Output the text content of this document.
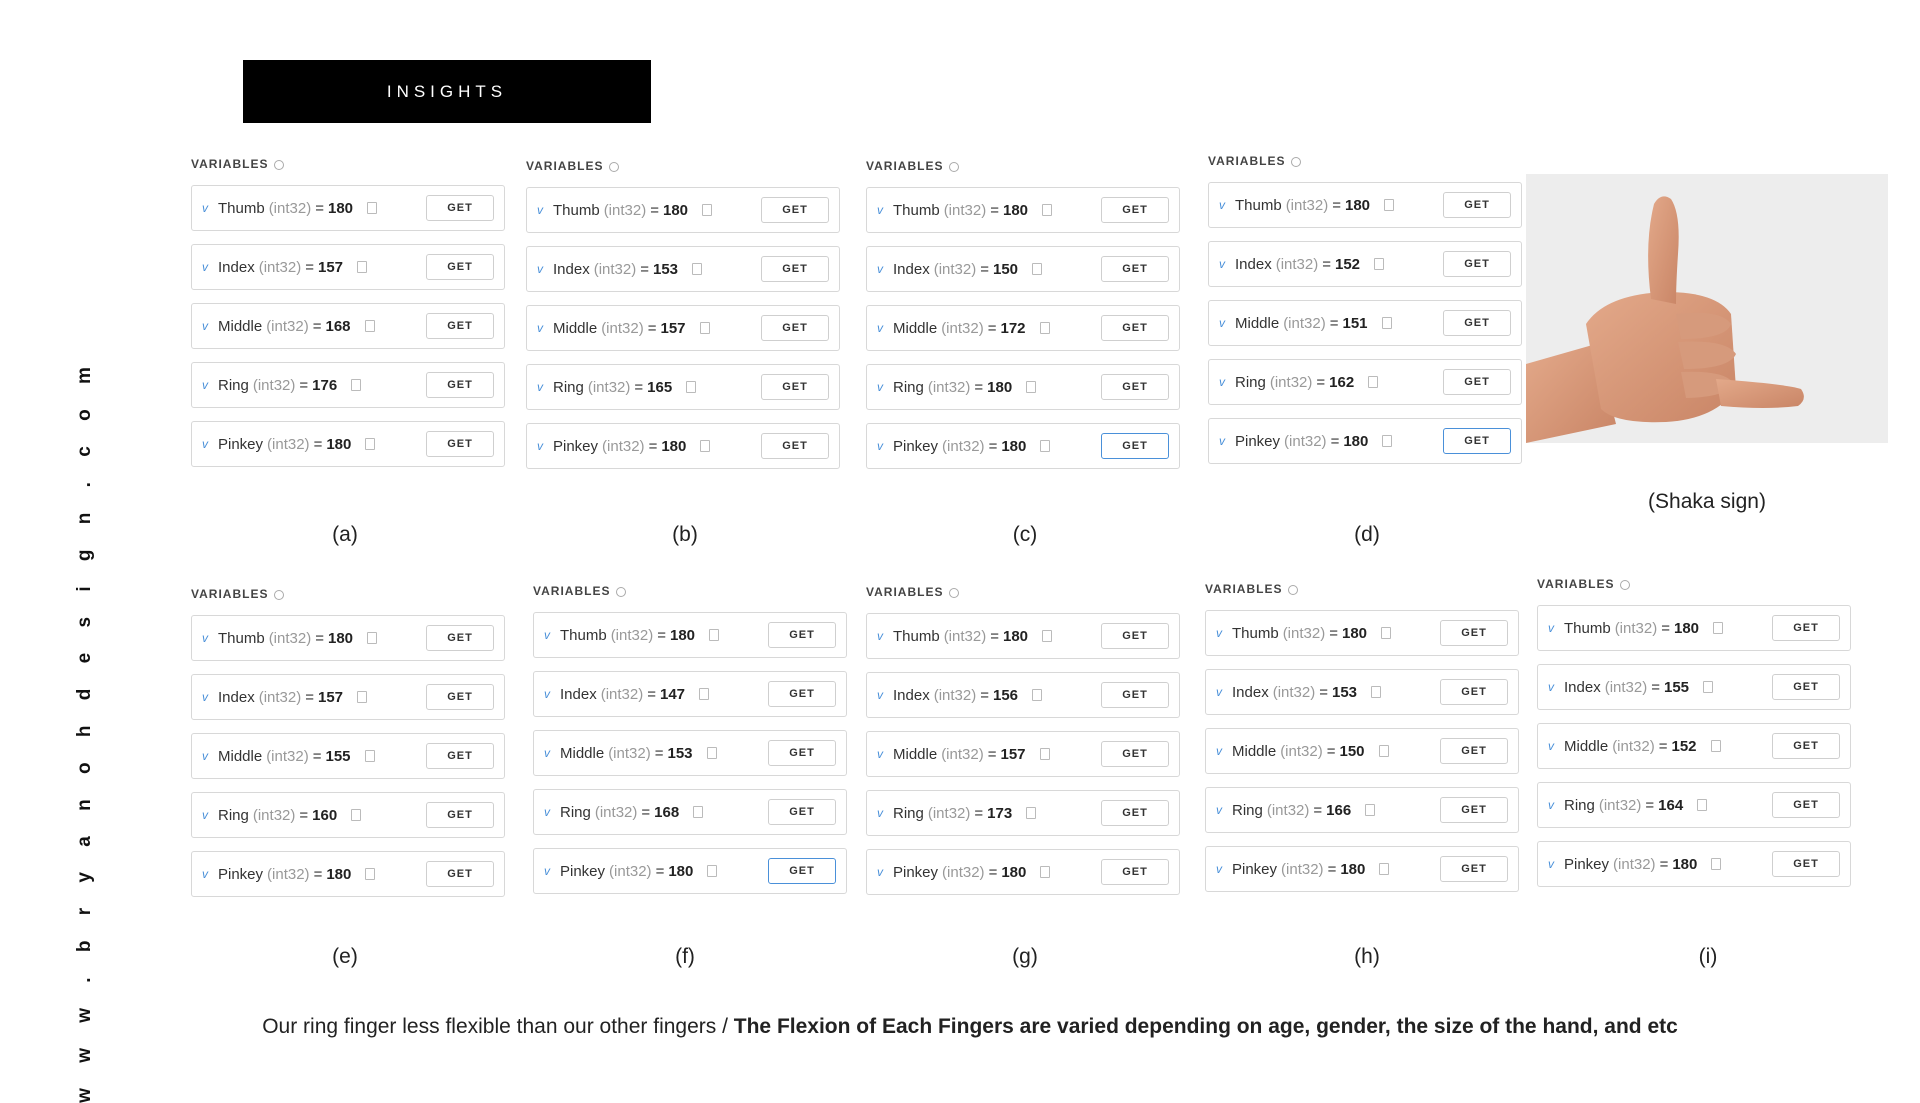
INSIGHTS
w w w . b r y a n o h d e s i g n . c o m
VARIABLES
v Thumb (int32) = 180	GET
v Index (int32) = 157	GET
v Middle (int32) = 168	GET
v Ring (int32) = 176	GET
v Pinkey (int32) = 180	GET
(a)
VARIABLES
v Thumb (int32) = 180	GET
v Index (int32) = 153	GET
v Middle (int32) = 157	GET
v Ring (int32) = 165	GET
v Pinkey (int32) = 180	GET
(b)
VARIABLES
v Thumb (int32) = 180	GET
v Index (int32) = 150	GET
v Middle (int32) = 172	GET
v Ring (int32) = 180	GET
v Pinkey (int32) = 180	GET
(c)
VARIABLES
v Thumb (int32) = 180	GET
v Index (int32) = 152	GET
v Middle (int32) = 151	GET
v Ring (int32) = 162	GET
v Pinkey (int32) = 180	GET
(d)
VARIABLES
v Thumb (int32) = 180	GET
v Index (int32) = 157	GET
v Middle (int32) = 155	GET
v Ring (int32) = 160	GET
v Pinkey (int32) = 180	GET
(e)
VARIABLES
v Thumb (int32) = 180	GET
v Index (int32) = 147	GET
v Middle (int32) = 153	GET
v Ring (int32) = 168	GET
v Pinkey (int32) = 180	GET
(f)
VARIABLES
v Thumb (int32) = 180	GET
v Index (int32) = 156	GET
v Middle (int32) = 157	GET
v Ring (int32) = 173	GET
v Pinkey (int32) = 180	GET
(g)
VARIABLES
v Thumb (int32) = 180	GET
v Index (int32) = 153	GET
v Middle (int32) = 150	GET
v Ring (int32) = 166	GET
v Pinkey (int32) = 180	GET
(h)
VARIABLES
v Thumb (int32) = 180	GET
v Index (int32) = 155	GET
v Middle (int32) = 152	GET
v Ring (int32) = 164	GET
v Pinkey (int32) = 180	GET
(i)
(Shaka sign)
Our ring finger less flexible than our other fingers / The Flexion of Each Fingers are varied depending on age, gender, the size of the hand, and etc
